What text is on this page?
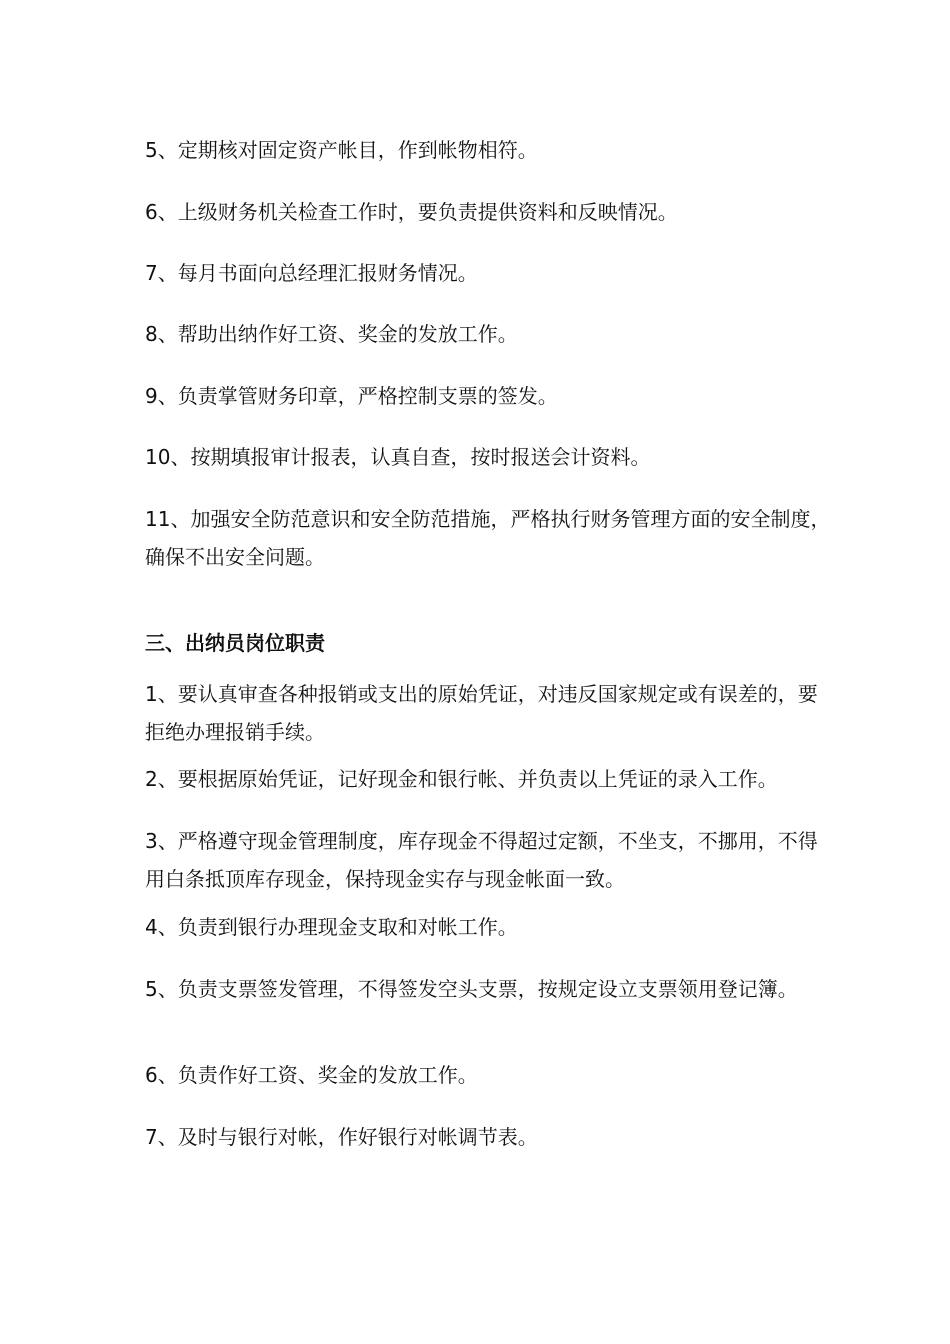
5、定期核对固定资产帐目，作到帐物相符。
6、上级财务机关检查工作时，要负责提供资料和反映情况。
7、每月书面向总经理汇报财务情况。
8、帮助出纳作好工资、奖金的发放工作。
9、负责掌管财务印章，严格控制支票的签发。
10、按期填报审计报表，认真自查，按时报送会计资料。
11、加强安全防范意识和安全防范措施，严格执行财务管理方面的安全制度，确保不出安全问题。
三、出纳员岗位职责
1、要认真审查各种报销或支出的原始凭证，对违反国家规定或有误差的，要拒绝办理报销手续。
2、要根据原始凭证，记好现金和银行帐、并负责以上凭证的录入工作。
3、严格遵守现金管理制度，库存现金不得超过定额，不坐支，不挪用，不得用白条抵顶库存现金，保持现金实存与现金帐面一致。
4、负责到银行办理现金支取和对帐工作。
5、负责支票签发管理，不得签发空头支票，按规定设立支票领用登记簿。
6、负责作好工资、奖金的发放工作。
7、及时与银行对帐，作好银行对帐调节表。
